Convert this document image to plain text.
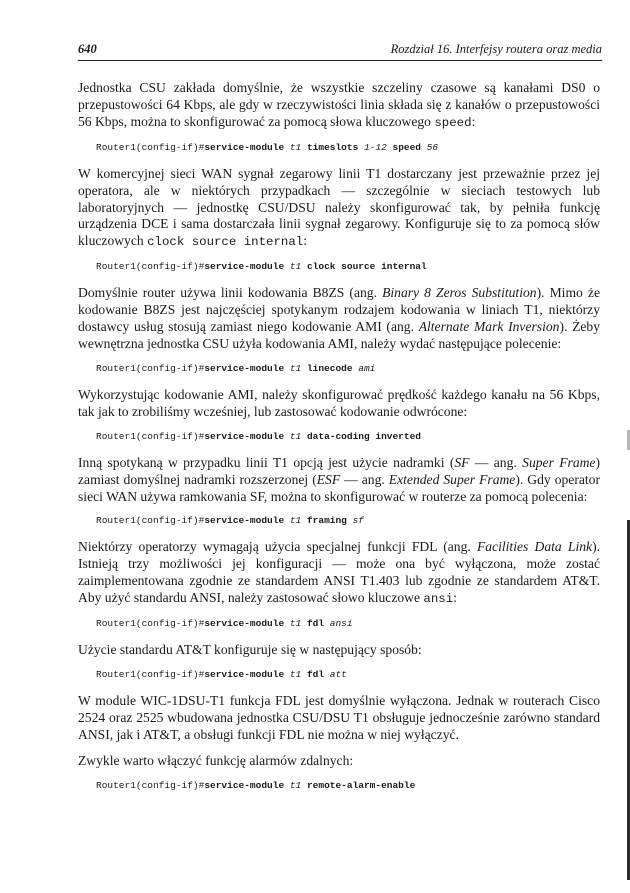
640	Rozdział 16. Interfejsy routera oraz media

Jednostka CSU zakłada domyślnie, że wszystkie szczeliny czasowe są kanałami DS0 o przepustowości 64 Kbps, ale gdy w rzeczywistości linia składa się z kanałów o przepustowości 56 Kbps, można to skonfigurować za pomocą słowa kluczowego speed:

Router1(config-if)#service-module t1 timeslots 1-12 speed 56

W komercyjnej sieci WAN sygnał zegarowy linii T1 dostarczany jest przeważnie przez jej operatora, ale w niektórych przypadkach — szczególnie w sieciach testowych lub laboratoryjnych — jednostkę CSU/DSU należy skonfigurować tak, by pełniła funkcję urządzenia DCE i sama dostarczała linii sygnał zegarowy. Konfiguruje się to za pomocą słów kluczowych clock source internal:

Router1(config-if)#service-module t1 clock source internal

Domyślnie router używa linii kodowania B8ZS (ang. Binary 8 Zeros Substitution). Mimo że kodowanie B8ZS jest najczęściej spotykanym rodzajem kodowania w liniach T1, niektórzy dostawcy usług stosują zamiast niego kodowanie AMI (ang. Alternate Mark Inversion). Żeby wewnętrzna jednostka CSU użyła kodowania AMI, należy wydać następujące polecenie:

Router1(config-if)#service-module t1 linecode ami

Wykorzystując kodowanie AMI, należy skonfigurować prędkość każdego kanału na 56 Kbps, tak jak to zrobiliśmy wcześniej, lub zastosować kodowanie odwrócone:

Router1(config-if)#service-module t1 data-coding inverted

Inną spotykaną w przypadku linii T1 opcją jest użycie nadramki (SF — ang. Super Frame) zamiast domyślnej nadramki rozszerzonej (ESF — ang. Extended Super Frame). Gdy operator sieci WAN używa ramkowania SF, można to skonfigurować w routerze za pomocą polecenia:

Router1(config-if)#service-module t1 framing sf

Niektórzy operatorzy wymagają użycia specjalnej funkcji FDL (ang. Facilities Data Link). Istnieją trzy możliwości jej konfiguracji — może ona być wyłączona, może zostać zaimplementowana zgodnie ze standardem ANSI T1.403 lub zgodnie ze standardem AT&T. Aby użyć standardu ANSI, należy zastosować słowo kluczowe ansi:

Router1(config-if)#service-module t1 fdl ansi

Użycie standardu AT&T konfiguruje się w następujący sposób:

Router1(config-if)#service-module t1 fdl att

W module WIC-1DSU-T1 funkcja FDL jest domyślnie wyłączona. Jednak w routerach Cisco 2524 oraz 2525 wbudowana jednostka CSU/DSU T1 obsługuje jednocześnie zarówno standard ANSI, jak i AT&T, a obsługi funkcji FDL nie można w niej wyłączyć.

Zwykle warto włączyć funkcję alarmów zdalnych:

Router1(config-if)#service-module t1 remote-alarm-enable
